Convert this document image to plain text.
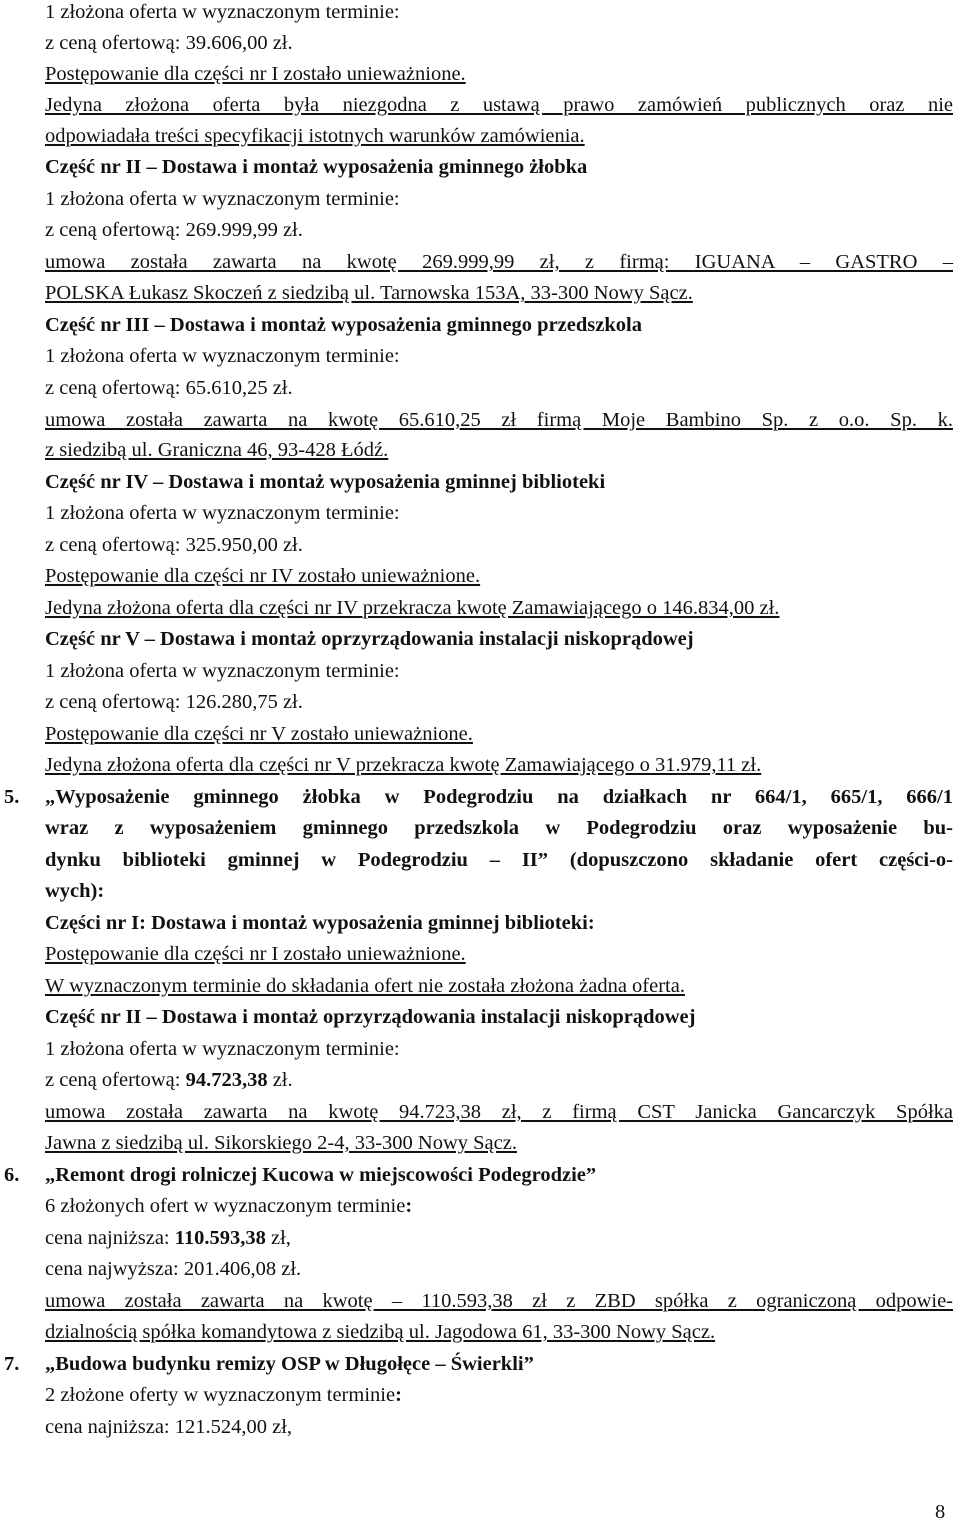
1 złożona oferta w wyznaczonym terminie:
z ceną ofertową: 39.606,00 zł.
Postępowanie dla części nr I zostało unieważnione.
Jedyna złożona oferta była niezgodna z ustawą prawo zamówień publicznych oraz nie
odpowiadała treści specyfikacji istotnych warunków zamówienia.
Część nr II – Dostawa i montaż wyposażenia gminnego żłobka
1 złożona oferta w wyznaczonym terminie:
z ceną ofertową: 269.999,99 zł.
umowa została zawarta na kwotę 269.999,99 zł, z firmą: IGUANA – GASTRO –
POLSKA Łukasz Skoczeń z siedzibą ul. Tarnowska 153A, 33-300 Nowy Sącz.
Część nr III – Dostawa i montaż wyposażenia gminnego przedszkola
1 złożona oferta w wyznaczonym terminie:
z ceną ofertową: 65.610,25 zł.
umowa została zawarta na kwotę 65.610,25 zł firmą Moje Bambino Sp. z o.o. Sp. k.
z siedzibą ul. Graniczna 46, 93-428 Łódź.
Część nr IV – Dostawa i montaż wyposażenia gminnej biblioteki
1 złożona oferta w wyznaczonym terminie:
z ceną ofertową: 325.950,00 zł.
Postępowanie dla części nr IV zostało unieważnione.
Jedyna złożona oferta dla części nr IV przekracza kwotę Zamawiającego o 146.834,00 zł.
Część nr V – Dostawa i montaż oprzyrządowania instalacji niskoprądowej
1 złożona oferta w wyznaczonym terminie:
z ceną ofertową: 126.280,75 zł.
Postępowanie dla części nr V zostało unieważnione.
Jedyna złożona oferta dla części nr V przekracza kwotę Zamawiającego o 31.979,11 zł.
5. „Wyposażenie gminnego żłobka w Podegrodziu na działkach nr 664/1, 665/1, 666/1
wraz z wyposażeniem gminnego przedszkola w Podegrodziu oraz wyposażenie bu-
dynku biblioteki gminnej w Podegrodziu – II” (dopuszczono składanie ofert części-o-
wych):
Części nr I: Dostawa i montaż wyposażenia gminnej biblioteki:
Postępowanie dla części nr I zostało unieważnione.
W wyznaczonym terminie do składania ofert nie została złożona żadna oferta.
Część nr II – Dostawa i montaż oprzyrządowania instalacji niskoprądowej
1 złożona oferta w wyznaczonym terminie:
z ceną ofertową: 94.723,38 zł.
umowa została zawarta na kwotę 94.723,38 zł, z firmą CST Janicka Gancarczyk Spółka
Jawna z siedzibą ul. Sikorskiego 2-4, 33-300 Nowy Sącz.
6. „Remont drogi rolniczej Kucowa w miejscowości Podegrodzie”
6 złożonych ofert w wyznaczonym terminie:
cena najniższa: 110.593,38 zł,
cena najwyższa: 201.406,08 zł.
umowa została zawarta na kwotę – 110.593,38 zł z ZBD spółka z ograniczoną odpowie-
dzialnością spółka komandytowa z siedzibą ul. Jagodowa 61, 33-300 Nowy Sącz.
7. „Budowa budynku remizy OSP w Długołęce – Świerkli”
2 złożone oferty w wyznaczonym terminie:
cena najniższa: 121.524,00 zł,
8
